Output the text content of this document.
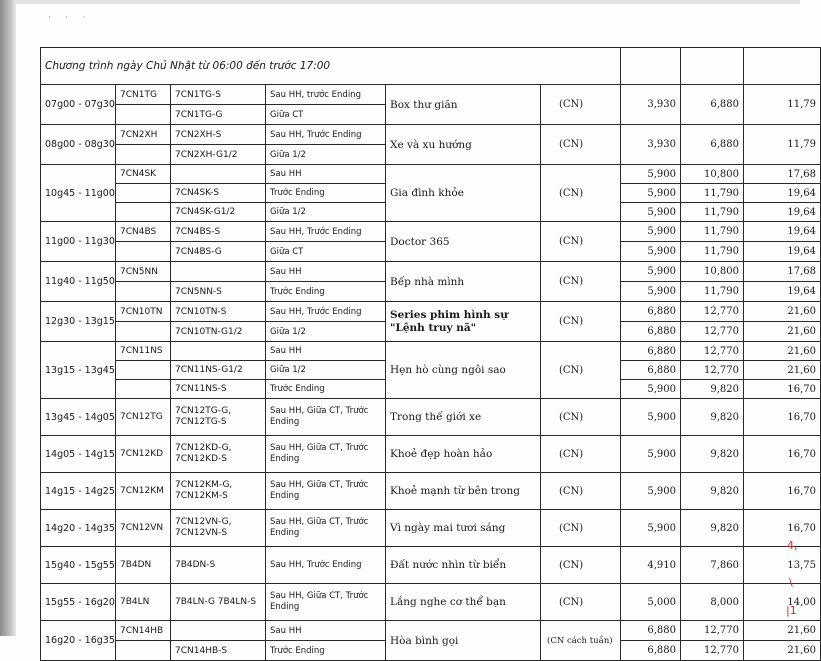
˙ ˙ ˙
Chương trình ngày Chủ Nhật từ 06:00 đến trước 17:00								
07g00 - 07g30	7CN1TG	7CN1TG-S	Sau HH, trước Ending	Box thư giãn	(CN)	3,930	6,880	11,79
		7CN1TG-G	Giữa CT					
08g00 - 08g30	7CN2XH	7CN2XH-S	Sau HH, Trước Ending	Xe và xu hướng	(CN)	3,930	6,880	11,79
		7CN2XH-G1/2	Giữa 1/2					
10g45 - 11g00	7CN4SK		Sau HH	Gia đình khỏe	(CN)	5,900	10,800	17,68
		7CN4SK-S	Trước Ending			5,900	11,790	19,64
		7CN4SK-G1/2	Giữa 1/2			5,900	11,790	19,64
11g00 - 11g30	7CN4BS	7CN4BS-S	Sau HH, Trước Ending	Doctor 365	(CN)	5,900	11,790	19,64
		7CN4BS-G	Giữa CT			5,900	11,790	19,64
11g40 - 11g50	7CN5NN		Sau HH	Bếp nhà mình	(CN)	5,900	10,800	17,68
		7CN5NN-S	Trước Ending			5,900	11,790	19,64
12g30 - 13g15	7CN10TN	7CN10TN-S	Sau HH, Trước Ending	Series phim hình sự "Lệnh truy nã"	(CN)	6,880	12,770	21,60
		7CN10TN-G1/2	Giữa 1/2			6,880	12,770	21,60
13g15 - 13g45	7CN11NS		Sau HH	Hẹn hò cùng ngôi sao	(CN)	6,880	12,770	21,60
		7CN11NS-G1/2	Giữa 1/2			6,880	12,770	21,60
		7CN11NS-S	Trước Ending			5,900	9,820	16,70
13g45 - 14g05	7CN12TG	7CN12TG-G, 7CN12TG-S	Sau HH, Giữa CT, Trước Ending	Trong thế giới xe	(CN)	5,900	9,820	16,70
14g05 - 14g15	7CN12KD	7CN12KD-G, 7CN12KD-S	Sau HH, Giữa CT, Trước Ending	Khoẻ đẹp hoàn hảo	(CN)	5,900	9,820	16,70
14g15 - 14g25	7CN12KM	7CN12KM-G, 7CN12KM-S	Sau HH, Giữa CT, Trước Ending	Khoẻ mạnh từ bên trong	(CN)	5,900	9,820	16,70
14g20 - 14g35	7CN12VN	7CN12VN-G, 7CN12VN-S	Sau HH, Giữa CT, Trước Ending	Vì ngày mai tươi sáng	(CN)	5,900	9,820	16,70
15g40 - 15g55	7B4DN	7B4DN-S	Sau HH, Trước Ending	Đất nước nhìn từ biển	(CN)	4,910	7,860	13,75
15g55 - 16g20	7B4LN	7B4LN-G 7B4LN-S	Sau HH, Giữa CT, Trước Ending	Lắng nghe cơ thể bạn	(CN)	5,000	8,000	14,00
16g20 - 16g35	7CN14HB		Sau HH	Hòa bình gọi	(CN cách tuần)	6,880	12,770	21,60
		7CN14HB-S	Trước Ending			6,880	12,770	21,60
4,
\
|1
